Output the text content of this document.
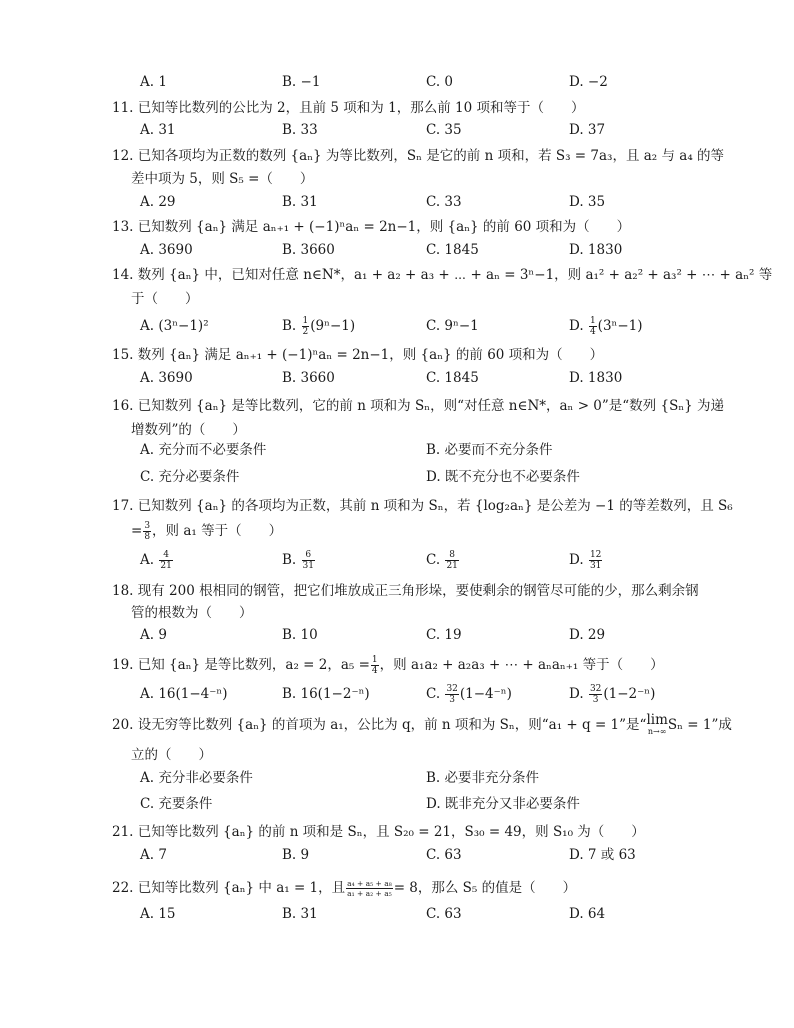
A. 1	B. −1	C. 0	D. −2
11. 已知等比数列的公比为 2，且前 5 项和为 1，那么前 10 项和等于（　　）
A. 31	B. 33	C. 35	D. 37
12. 已知各项均为正数的数列 {aₙ} 为等比数列，Sₙ 是它的前 n 项和，若 S₃ = 7a₃，且 a₂ 与 a₄ 的等
差中项为 5，则 S₅ =（　　）
A. 29	B. 31	C. 33	D. 35
13. 已知数列 {aₙ} 满足 aₙ₊₁ + (−1)ⁿaₙ = 2n−1，则 {aₙ} 的前 60 项和为（　　）
A. 3690	B. 3660	C. 1845	D. 1830
14. 数列 {aₙ} 中，已知对任意 n∈N*，a₁ + a₂ + a₃ + ⋯ + aₙ = 3ⁿ−1，则 a₁² + a₂² + a₃² + ⋯ + aₙ² 等
于（　　）
A. (3ⁿ−1)²	B. $\frac{1}{2} (9^n-1)$	C. 9ⁿ−1	D. $\frac{1}{4} (3^n-1)$
15. 数列 {aₙ} 满足 aₙ₊₁ + (−1)ⁿaₙ = 2n−1，则 {aₙ} 的前 60 项和为（　　）
A. 3690	B. 3660	C. 1845	D. 1830
16. 已知数列 {aₙ} 是等比数列，它的前 n 项和为 Sₙ，则“对任意 n∈N*，aₙ > 0”是“数列 {Sₙ} 为递
增数列”的（　　）
A. 充分而不必要条件	B. 必要而不充分条件
C. 充分必要条件	D. 既不充分也不必要条件
17. 已知数列 {aₙ} 的各项均为正数，其前 n 项和为 Sₙ，若 {log₂aₙ} 是公差为 −1 的等差数列，且 S₆
= $\frac{3}{8}$ ，则 a₁ 等于（　　）
A. $\frac{4}{21}$	B. $\frac{6}{31}$	C. $\frac{8}{21}$	D. $\frac{12}{31}$
18. 现有 200 根相同的钢管，把它们堆放成正三角形垛，要使剩余的钢管尽可能的少，那么剩余钢
管的根数为（　　）
A. 9	B. 10	C. 19	D. 29
19. 已知 {aₙ} 是等比数列，a₂ = 2，$a_5 = \frac{1}{4}$ ，则 a₁a₂ + a₂a₃ + ⋯ + aₙaₙ₊₁ 等于（　　）
A. 16(1−4⁻ⁿ)	B. 16(1−2⁻ⁿ)	C. $\frac{32}{3} (1-4^{-n})$	D. $\frac{32}{3} (1-2^{-n})$
20. 设无穷等比数列 {aₙ} 的首项为 a₁，公比为 q，前 n 项和为 Sₙ，则“a₁ + q = 1”是“lim
n→∞ Sₙ = 1”成
立的（　　）
A. 充分非必要条件	B. 必要非充分条件
C. 充要条件	D. 既非充分又非必要条件
21. 已知等比数列 {aₙ} 的前 n 项和是 Sₙ，且 S₂₀ = 21，S₃₀ = 49，则 S₁₀ 为（　　）
A. 7	B. 9	C. 63	D. 7 或 63
22. 已知等比数列 {aₙ} 中 a₁ = 1，且 $\frac{\text{a₄ + a₅ + a₈}}{\text{a₁ + a₂ + a₅}} = 8$，那么 S₅ 的值是（　　）
A. 15	B. 31	C. 63	D. 64
